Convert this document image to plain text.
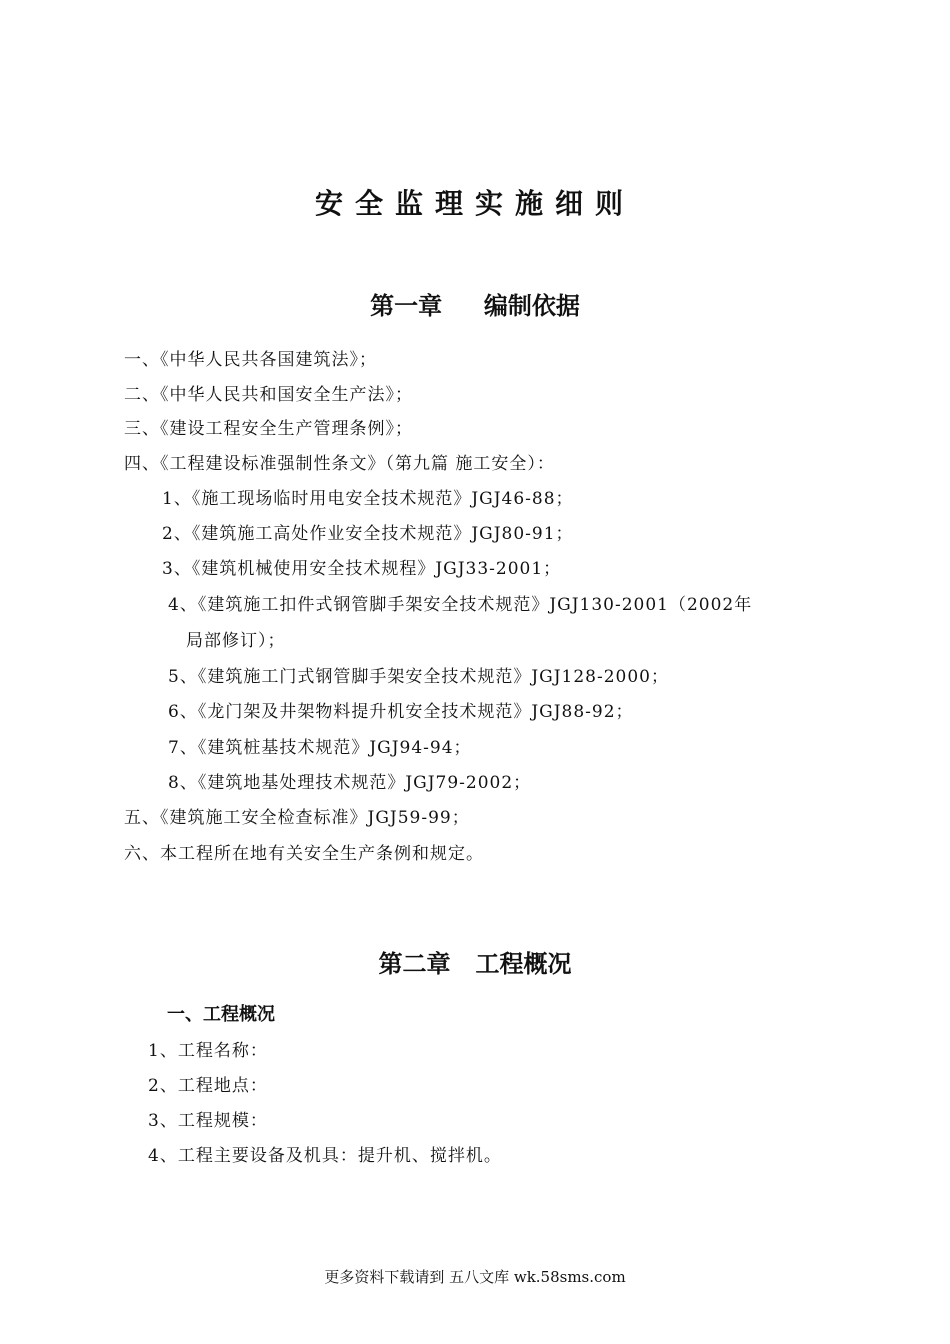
安全监理实施细则
第一章     编制依据

一、《中华人民共各国建筑法》；

二、《中华人民共和国安全生产法》；

三、《建设工程安全生产管理条例》；

四、《工程建设标准强制性条文》（第九篇 施工安全）：

1、《施工现场临时用电安全技术规范》JGJ46-88；

2、《建筑施工高处作业安全技术规范》JGJ80-91；

3、《建筑机械使用安全技术规程》JGJ33-2001；

4、《建筑施工扣件式钢管脚手架安全技术规范》JGJ130-2001（2002年

局部修订）；

5、《建筑施工门式钢管脚手架安全技术规范》JGJ128-2000；

6、《龙门架及井架物料提升机安全技术规范》JGJ88-92；

7、《建筑桩基技术规范》JGJ94-94；

8、《建筑地基处理技术规范》JGJ79-2002；

五、《建筑施工安全检查标准》JGJ59-99；

六、本工程所在地有关安全生产条例和规定。

第二章   工程概况
一、工程概况

1、工程名称：

2、工程地点：

3、工程规模：

4、工程主要设备及机具：提升机、搅拌机。

更多资料下载请到 五八文库 wk.58sms.com
